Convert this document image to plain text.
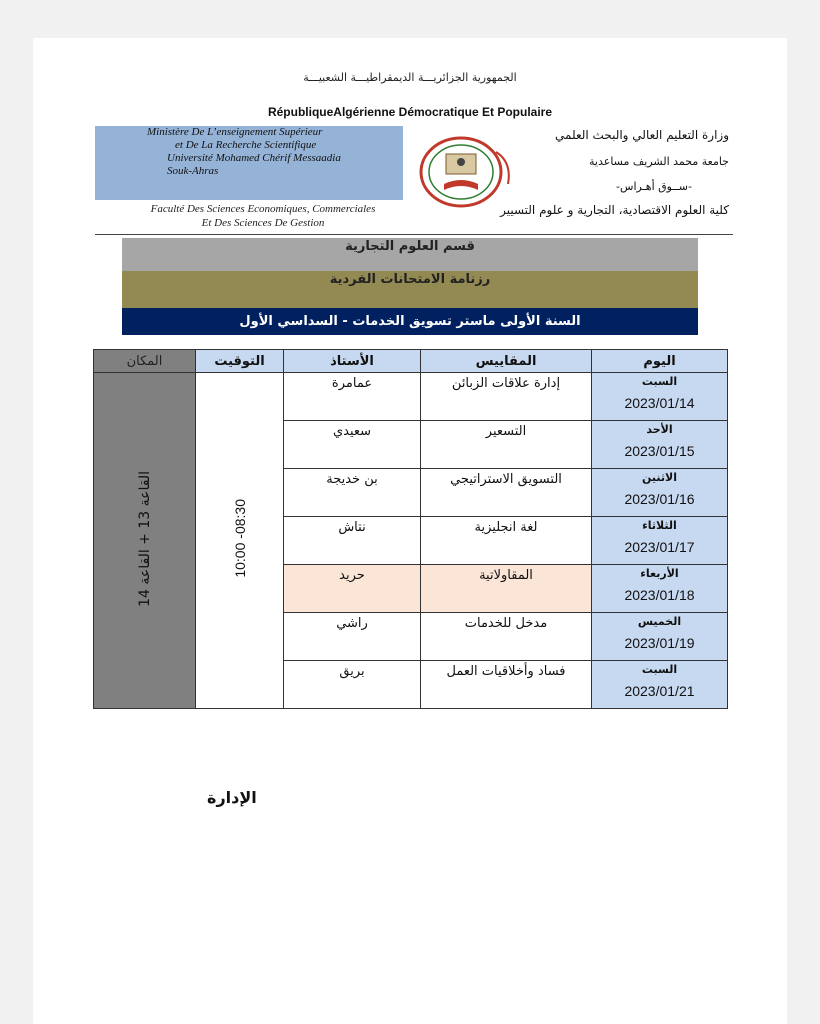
الجمهورية الجزائريـــة الديمقراطيـــة الشعبيـــة
RépubliqueAlgérienne Démocratique Et Populaire
Ministère De L’enseignement Supérieur
et De La Recherche Scientifique
Université Mohamed Chérif Messaadia
Souk-Ahras
Faculté Des Sciences Economiques, Commerciales
Et Des Sciences De Gestion
وزارة التعليم العالي والبحث العلمي
جامعة محمد الشريف مساعدية
-ســوق أهـراس-
كلية العلوم الاقتصادية، التجارية و علوم التسيير
قسم العلوم التجارية
رزنامة الامتحانات الفردية
السنة الأولى ماستر تسويق الخدمات - السداسي الأول
اليوم	المقاييس	الأستاذ	التوقيت	المكان

السبت
2023/01/14	إدارة علاقات الزبائن	عمامرة	08:30- 10:00	القاعة 13 + القاعة 14

الأحد
2023/01/15	التسعير	سعيدي		

الاثنين
2023/01/16	التسويق الاستراتيجي	بن خديجة		

الثلاثاء
2023/01/17	لغة انجليزية	نتاش		

الأربعاء
2023/01/18	المقاولاتية	حريد		

الخميس
2023/01/19	مدخل للخدمات	راشي		

السبت
2023/01/21	فساد وأخلاقيات العمل	بريق		
الإدارة
